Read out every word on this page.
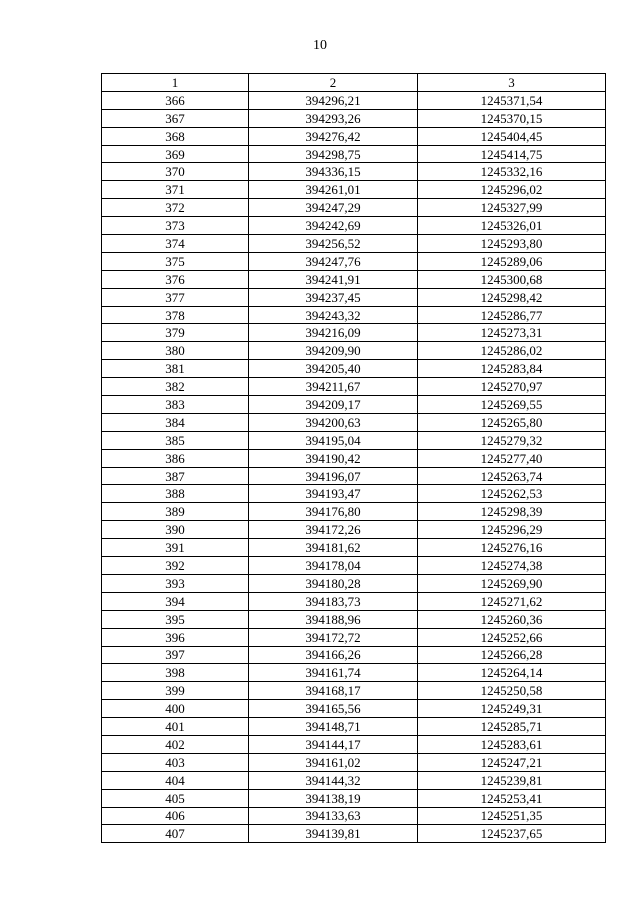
10
1	2	3
366	394296,21	1245371,54
367	394293,26	1245370,15
368	394276,42	1245404,45
369	394298,75	1245414,75
370	394336,15	1245332,16
371	394261,01	1245296,02
372	394247,29	1245327,99
373	394242,69	1245326,01
374	394256,52	1245293,80
375	394247,76	1245289,06
376	394241,91	1245300,68
377	394237,45	1245298,42
378	394243,32	1245286,77
379	394216,09	1245273,31
380	394209,90	1245286,02
381	394205,40	1245283,84
382	394211,67	1245270,97
383	394209,17	1245269,55
384	394200,63	1245265,80
385	394195,04	1245279,32
386	394190,42	1245277,40
387	394196,07	1245263,74
388	394193,47	1245262,53
389	394176,80	1245298,39
390	394172,26	1245296,29
391	394181,62	1245276,16
392	394178,04	1245274,38
393	394180,28	1245269,90
394	394183,73	1245271,62
395	394188,96	1245260,36
396	394172,72	1245252,66
397	394166,26	1245266,28
398	394161,74	1245264,14
399	394168,17	1245250,58
400	394165,56	1245249,31
401	394148,71	1245285,71
402	394144,17	1245283,61
403	394161,02	1245247,21
404	394144,32	1245239,81
405	394138,19	1245253,41
406	394133,63	1245251,35
407	394139,81	1245237,65
